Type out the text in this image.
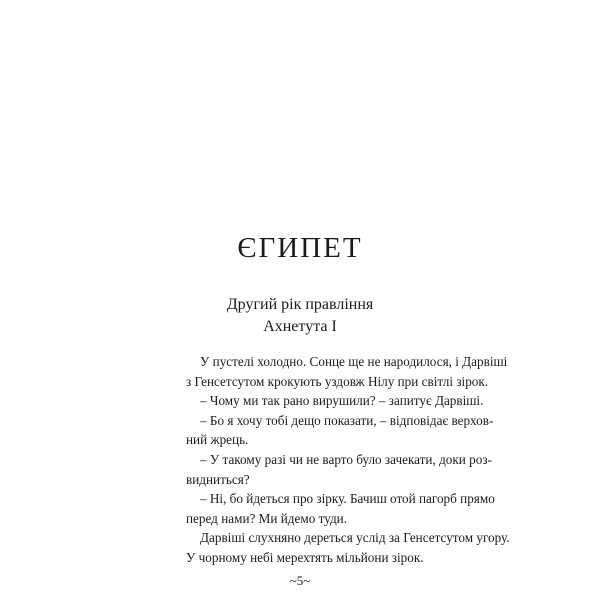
ЄГИПЕТ
Другий рік правління
Ахнетута І
У пустелі холодно. Сонце ще не народилося, і Дарвіші
з Генсетсутом крокують уздовж Нілу при світлі зірок.
– Чому ми так рано вирушили? – запитує Дарвіші.
– Бо я хочу тобі дещо показати, – відповідає верхов-
ний жрець.
– У такому разі чи не варто було зачекати, доки роз-
видниться?
– Ні, бо йдеться про зірку. Бачиш отой пагорб прямо
перед нами? Ми йдемо туди.
Дарвіші слухняно дереться услід за Генсетсутом угору.
У чорному небі мерехтять мільйони зірок.
~5~
